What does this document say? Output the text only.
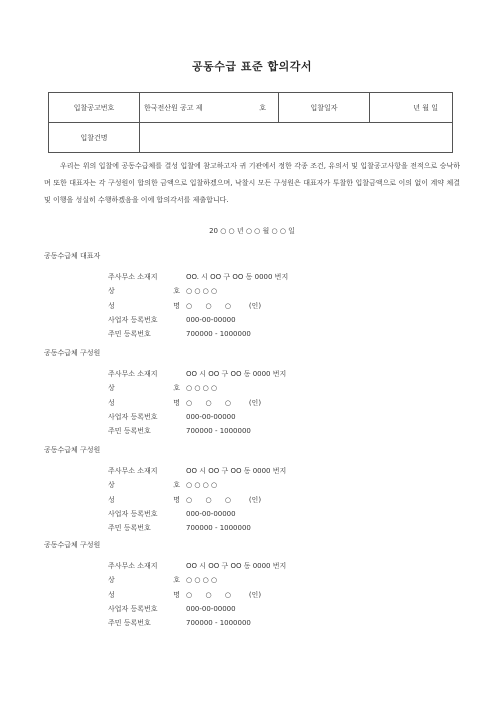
공동수급 표준 합의각서
입찰공고번호	한국전산원 공고 제 호	입찰일자	년 월 일
입찰건명			
우리는 위의 입찰에 공동수급체를 결성 입찰에 참고하고자 귀 기관에서 정한 각종 조건, 유의서 및 입찰공고사항을 전적으로 승낙하며 또한 대표자는 각 구성원이 합의한 금액으로 입찰하겠으며, 낙찰시 모든 구성원은 대표자가 투찰한 입찰금액으로 이의 없이 계약 체결 및 이행을 성실히 수행하겠음을 이에 합의각서를 제출합니다.
20 ○ ○ 년 ○ ○ 월 ○ ○ 일
공동수급체 대표자
주사무소 소재지	OO. 시 OO 구 OO 동 0000 번지
상	호 ○ ○ ○ ○
성	명 ○      ○      ○        (인)
사업자 등록번호	000-00-00000
주민 등록번호	700000 - 1000000
공동수급체 구성원
주사무소 소재지	OO 시 OO 구 OO 동 0000 번지
상	호 ○ ○ ○ ○
성	명 ○      ○      ○        (인)
사업자 등록번호	000-00-00000
주민 등록번호	700000 - 1000000
공동수급체 구성원
주사무소 소재지	OO 시 OO 구 OO 동 0000 번지
상	호 ○ ○ ○ ○
성	명 ○      ○      ○        (인)
사업자 등록번호	000-00-00000
주민 등록번호	700000 - 1000000
공동수급체 구성원
주사무소 소재지	OO 시 OO 구 OO 동 0000 번지
상	호 ○ ○ ○ ○
성	명 ○      ○      ○        (인)
사업자 등록번호	000-00-00000
주민 등록번호	700000 - 1000000
